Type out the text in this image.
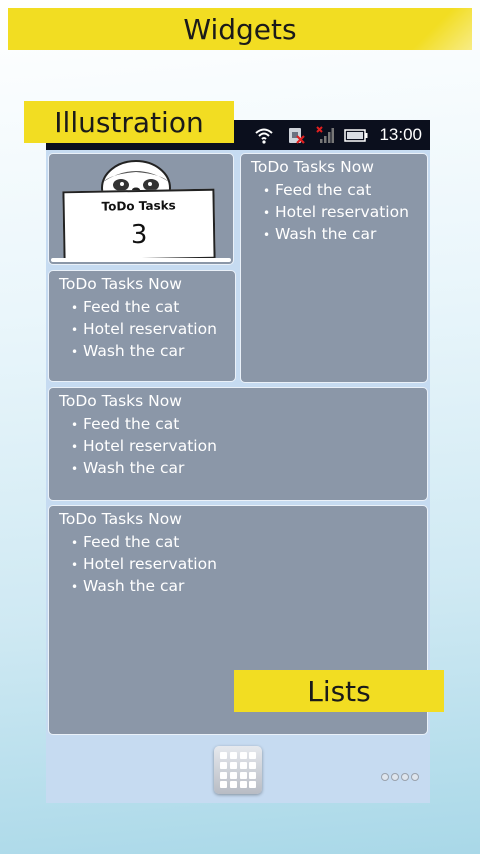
Widgets
Illustration
Lists
13:00
ToDo Tasks
3
ToDo Tasks Now
• Feed the cat
• Hotel reservation
• Wash the car
ToDo Tasks Now
• Feed the cat
• Hotel reservation
• Wash the car
ToDo Tasks Now
• Feed the cat
• Hotel reservation
• Wash the car
ToDo Tasks Now
• Feed the cat
• Hotel reservation
• Wash the car
